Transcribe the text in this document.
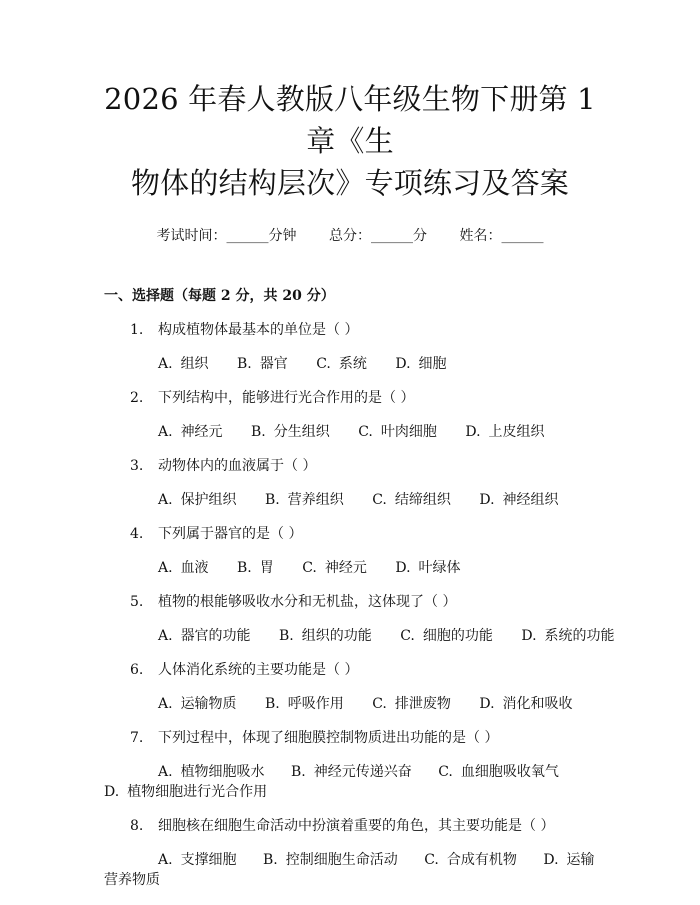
2026 年春人教版八年级生物下册第 1 章《生
物体的结构层次》专项练习及答案
考试时间：______分钟 总分：______分 姓名：______
一、选择题（每题 2 分，共 20 分）
1. 构成植物体最基本的单位是（ ）
A. 组织 B. 器官 C. 系统 D. 细胞
2. 下列结构中，能够进行光合作用的是（ ）
A. 神经元 B. 分生组织 C. 叶肉细胞 D. 上皮组织
3. 动物体内的血液属于（ ）
A. 保护组织 B. 营养组织 C. 结缔组织 D. 神经组织
4. 下列属于器官的是（ ）
A. 血液 B. 胃 C. 神经元 D. 叶绿体
5. 植物的根能够吸收水分和无机盐，这体现了（ ）
A. 器官的功能 B. 组织的功能 C. 细胞的功能 D. 系统的功能
6. 人体消化系统的主要功能是（ ）
A. 运输物质 B. 呼吸作用 C. 排泄废物 D. 消化和吸收
7. 下列过程中，体现了细胞膜控制物质进出功能的是（ ）
A. 植物细胞吸水 B. 神经元传递兴奋 C. 血细胞吸收氧气 D. 植物细胞进行光合作用
8. 细胞核在细胞生命活动中扮演着重要的角色，其主要功能是（ ）
A. 支撑细胞 B. 控制细胞生命活动 C. 合成有机物 D. 运输营养物质
